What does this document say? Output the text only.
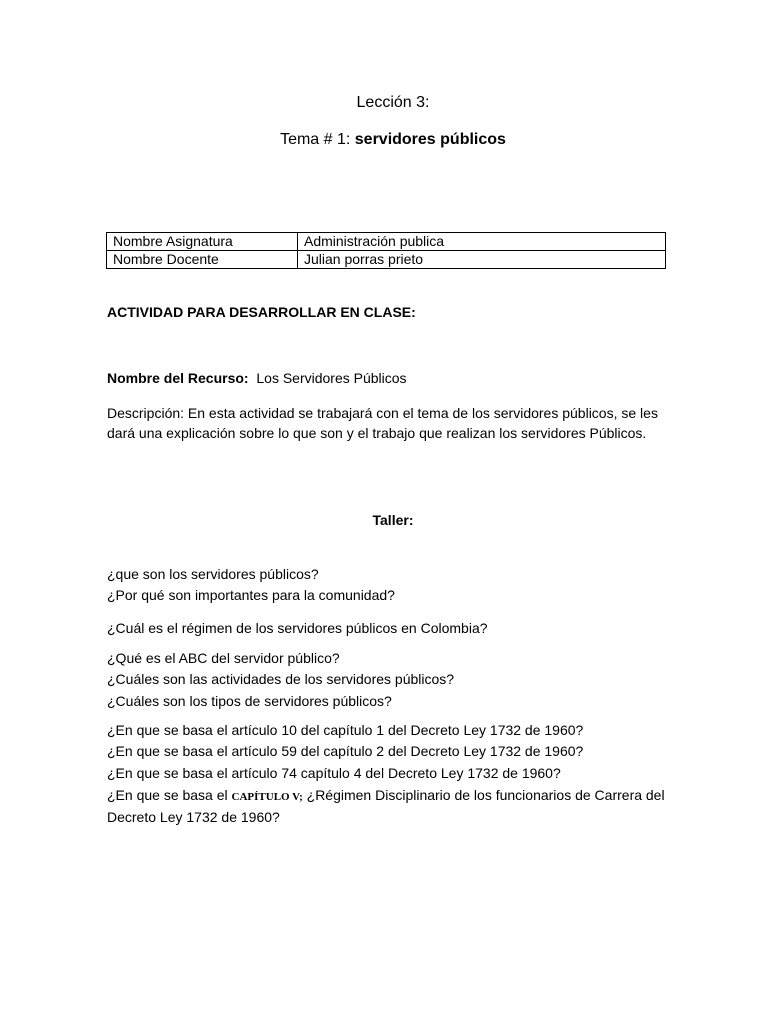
Lección 3:
Tema # 1: servidores públicos
Nombre Asignatura	Administración publica
Nombre Docente	Julian porras prieto
ACTIVIDAD PARA DESARROLLAR EN CLASE:
Nombre del Recurso: Los Servidores Públicos
Descripción: En esta actividad se trabajará con el tema de los servidores públicos, se les dará una explicación sobre lo que son y el trabajo que realizan los servidores Públicos.
Taller:
¿que son los servidores públicos?
¿Por qué son importantes para la comunidad?
¿Cuál es el régimen de los servidores públicos en Colombia?
¿Qué es el ABC del servidor público?
¿Cuáles son las actividades de los servidores públicos?
¿Cuáles son los tipos de servidores públicos?
¿En que se basa el artículo 10 del capítulo 1 del Decreto Ley 1732 de 1960?
¿En que se basa el artículo 59 del capítulo 2 del Decreto Ley 1732 de 1960?
¿En que se basa el artículo 74 capítulo 4 del Decreto Ley 1732 de 1960?
¿En que se basa el CAPÍTULO V; ¿Régimen Disciplinario de los funcionarios de Carrera del Decreto Ley 1732 de 1960?
